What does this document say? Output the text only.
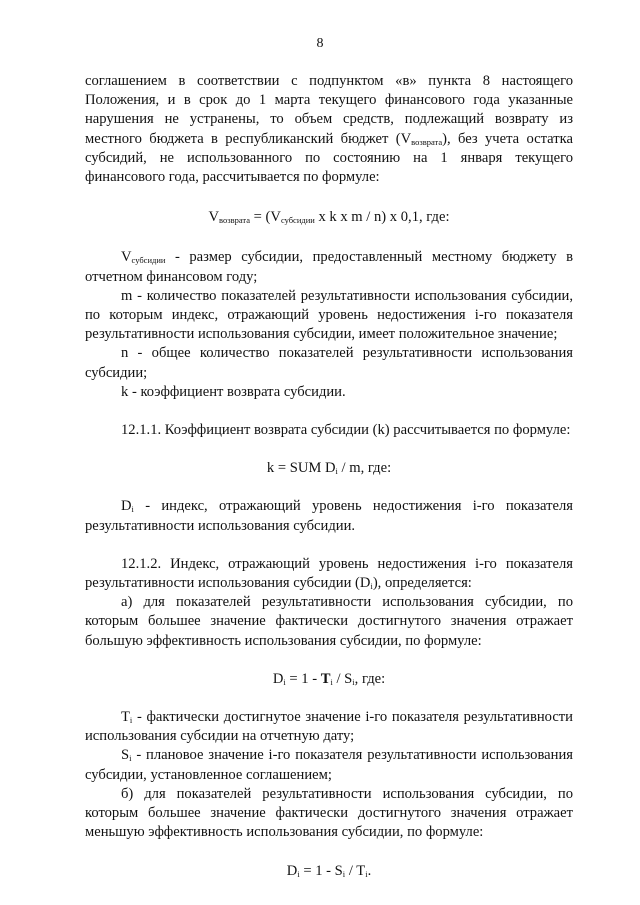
8

соглашением в соответствии с подпунктом «в» пункта 8 настоящего Положения, и в срок до 1 марта текущего финансового года указанные нарушения не устранены, то объем средств, подлежащий возврату из местного бюджета в республиканский бюджет $(V_{возврата})$, без учета остатка субсидий, не использованного по состоянию на 1 января текущего финансового года, рассчитывается по формуле:

$V_{возврата} = (V_{субсидии}$ x k x m / n) x 0,1, где:

$V_{субсидии}$ - размер субсидии, предоставленный местному бюджету в отчетном финансовом году;

m - количество показателей результативности использования субсидии, по которым индекс, отражающий уровень недостижения i-го показателя результативности использования субсидии, имеет положительное значение;

n - общее количество показателей результативности использования субсидии;

k - коэффициент возврата субсидии.

12.1.1. Коэффициент возврата субсидии (k) рассчитывается по формуле:

k = SUM $D_i$ / m, где:

$D_i$ - индекс, отражающий уровень недостижения i-го показателя результативности использования субсидии.

12.1.2. Индекс, отражающий уровень недостижения i-го показателя результативности использования субсидии $(D_i)$, определяется:

а) для показателей результативности использования субсидии, по которым большее значение фактически достигнутого значения отражает большую эффективность использования субсидии, по формуле:

$D_i = 1 - T_i / S_i$, где:

$T_i$ - фактически достигнутое значение i-го показателя результативности использования субсидии на отчетную дату;

$S_i$ - плановое значение i-го показателя результативности использования субсидии, установленное соглашением;

б) для показателей результативности использования субсидии, по которым большее значение фактически достигнутого значения отражает меньшую эффективность использования субсидии, по формуле:

$D_i = 1 - S_i / T_i$.
